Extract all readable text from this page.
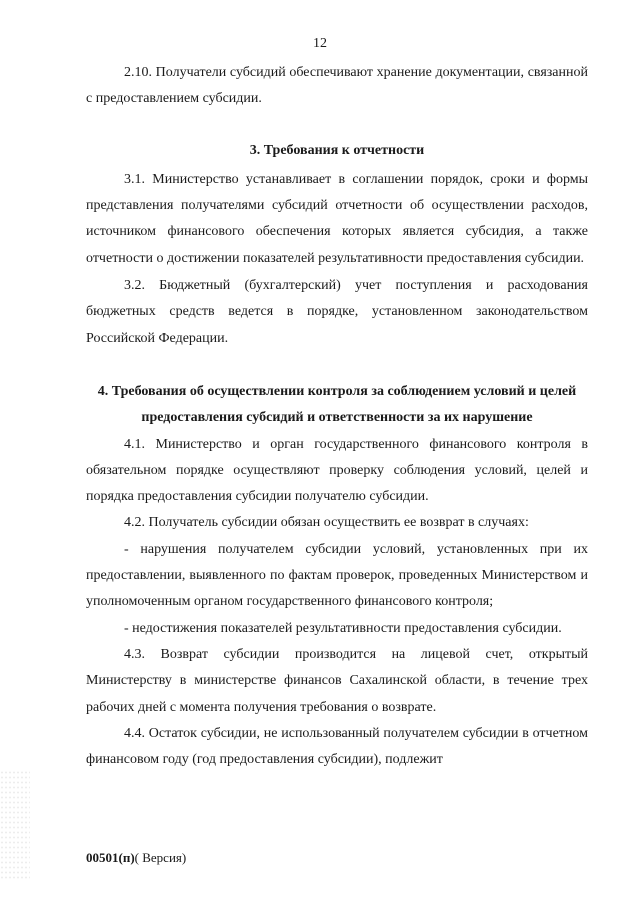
12

2.10. Получатели субсидий обеспечивают хранение документации, связанной с предоставлением субсидии.

3. Требования к отчетности

3.1. Министерство устанавливает в соглашении порядок, сроки и формы представления получателями субсидий отчетности об осуществлении расходов, источником финансового обеспечения которых является субсидия, а также отчетности о достижении показателей результативности предоставления субсидии.

3.2. Бюджетный (бухгалтерский) учет поступления и расходования бюджетных средств ведется в порядке, установленном законодательством Российской Федерации.

4. Требования об осуществлении контроля за соблюдением условий и целей предоставления субсидий и ответственности за их нарушение

4.1. Министерство и орган государственного финансового контроля в обязательном порядке осуществляют проверку соблюдения условий, целей и порядка предоставления субсидии получателю субсидии.

4.2. Получатель субсидии обязан осуществить ее возврат в случаях:

- нарушения получателем субсидии условий, установленных при их предоставлении, выявленного по фактам проверок, проведенных Министерством и уполномоченным органом государственного финансового контроля;

- недостижения показателей результативности предоставления субсидии.

4.3. Возврат субсидии производится на лицевой счет, открытый Министерству в министерстве финансов Сахалинской области, в течение трех рабочих дней с момента получения требования о возврате.

4.4. Остаток субсидии, не использованный получателем субсидии в отчетном финансовом году (год предоставления субсидии), подлежит

00501(п)( Версия)
